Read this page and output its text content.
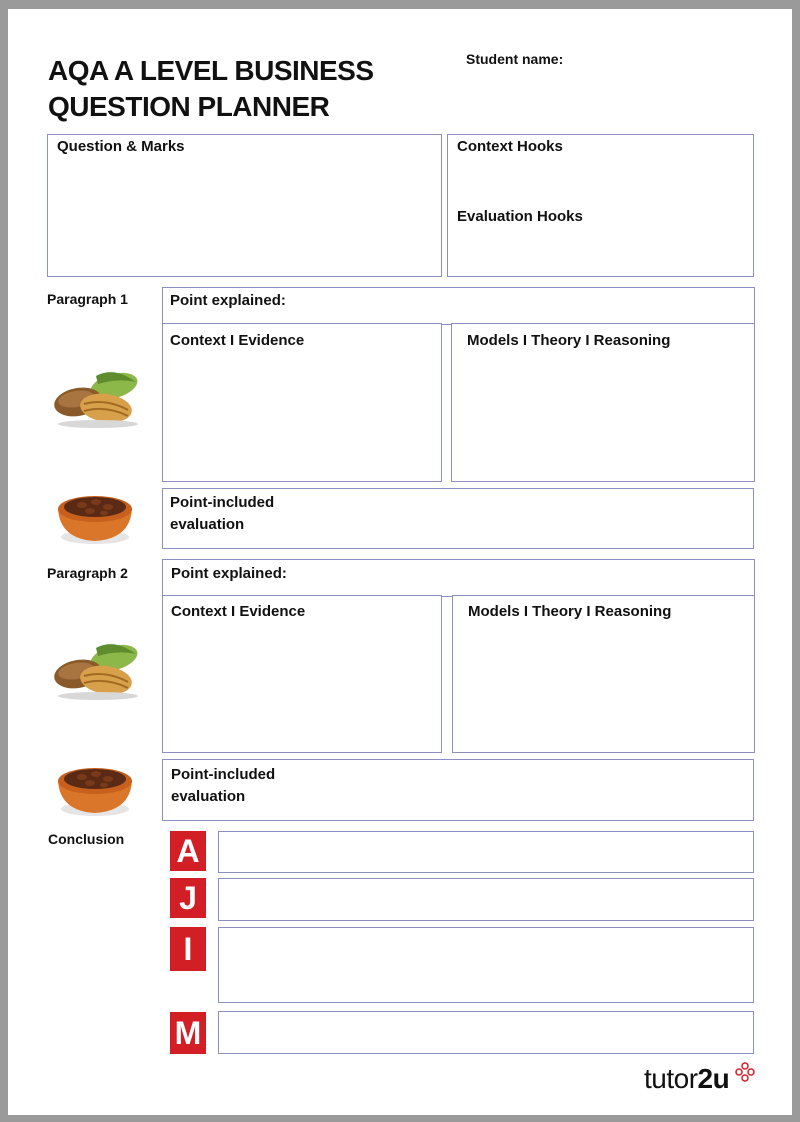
AQA A LEVEL BUSINESS
QUESTION PLANNER
Student name:
Question & Marks	Context Hooks
Evaluation Hooks
Paragraph 1	Point explained:
Context I Evidence	Models I Theory I Reasoning
Point-included
evaluation
Paragraph 2	Point explained:
Context I Evidence	Models I Theory I Reasoning
Point-included
evaluation
Conclusion A
J
I
M
tutor2u
